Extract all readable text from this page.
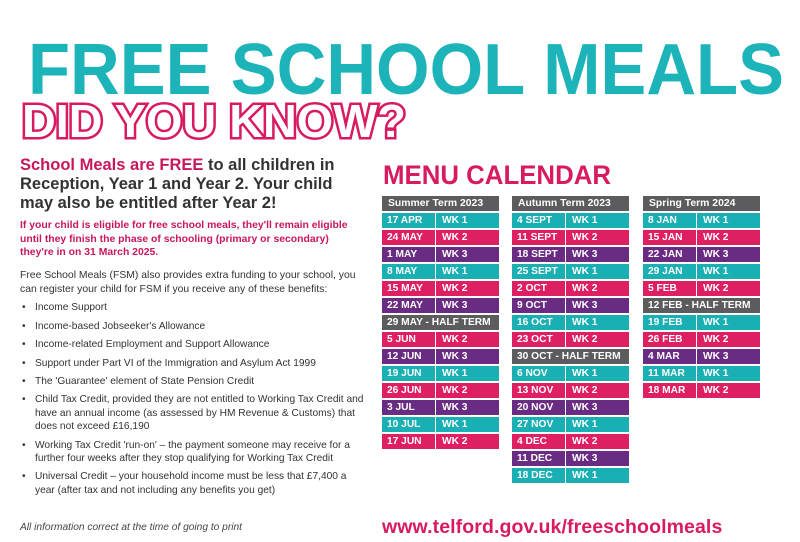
FREE SCHOOL MEALS
DID YOU KNOW?

School Meals are FREE to all children in Reception, Year 1 and Year 2. Your child may also be entitled after Year 2!

If your child is eligible for free school meals, they'll remain eligible until they finish the phase of schooling (primary or secondary) they're in on 31 March 2025.

Free School Meals (FSM) also provides extra funding to your school, you can register your child for FSM if you receive any of these benefits:

• Income Support
• Income-based Jobseeker's Allowance
• Income-related Employment and Support Allowance
• Support under Part VI of the Immigration and Asylum Act 1999
• The 'Guarantee' element of State Pension Credit
• Child Tax Credit, provided they are not entitled to Working Tax Credit and have an annual income (as assessed by HM Revenue & Customs) that does not exceed £16,190
• Working Tax Credit 'run-on' – the payment someone may receive for a further four weeks after they stop qualifying for Working Tax Credit
• Universal Credit – your household income must be less that £7,400 a year (after tax and not including any benefits you get)
All information correct at the time of going to print
MENU CALENDAR
Summer Term 2023
17 APR	WK 1
24 MAY	WK 2
1 MAY	WK 3
8 MAY	WK 1
15 MAY	WK 2
22 MAY	WK 3
29 MAY - HALF TERM
5 JUN	WK 2
12 JUN	WK 3
19 JUN	WK 1
26 JUN	WK 2
3 JUL	WK 3
10 JUL	WK 1
17 JUN	WK 2
Autumn Term 2023
4 SEPT	WK 1
11 SEPT	WK 2
18 SEPT	WK 3
25 SEPT	WK 1
2 OCT	WK 2
9 OCT	WK 3
16 OCT	WK 1
23 OCT	WK 2
30 OCT - HALF TERM
6 NOV	WK 1
13 NOV	WK 2
20 NOV	WK 3
27 NOV	WK 1
4 DEC	WK 2
11 DEC	WK 3
18 DEC	WK 1
Spring Term 2024
8 JAN	WK 1
15 JAN	WK 2
22 JAN	WK 3
29 JAN	WK 1
5 FEB	WK 2
12 FEB - HALF TERM
19 FEB	WK 1
26 FEB	WK 2
4 MAR	WK 3
11 MAR	WK 1
18 MAR	WK 2
www.telford.gov.uk/freeschoolmeals
